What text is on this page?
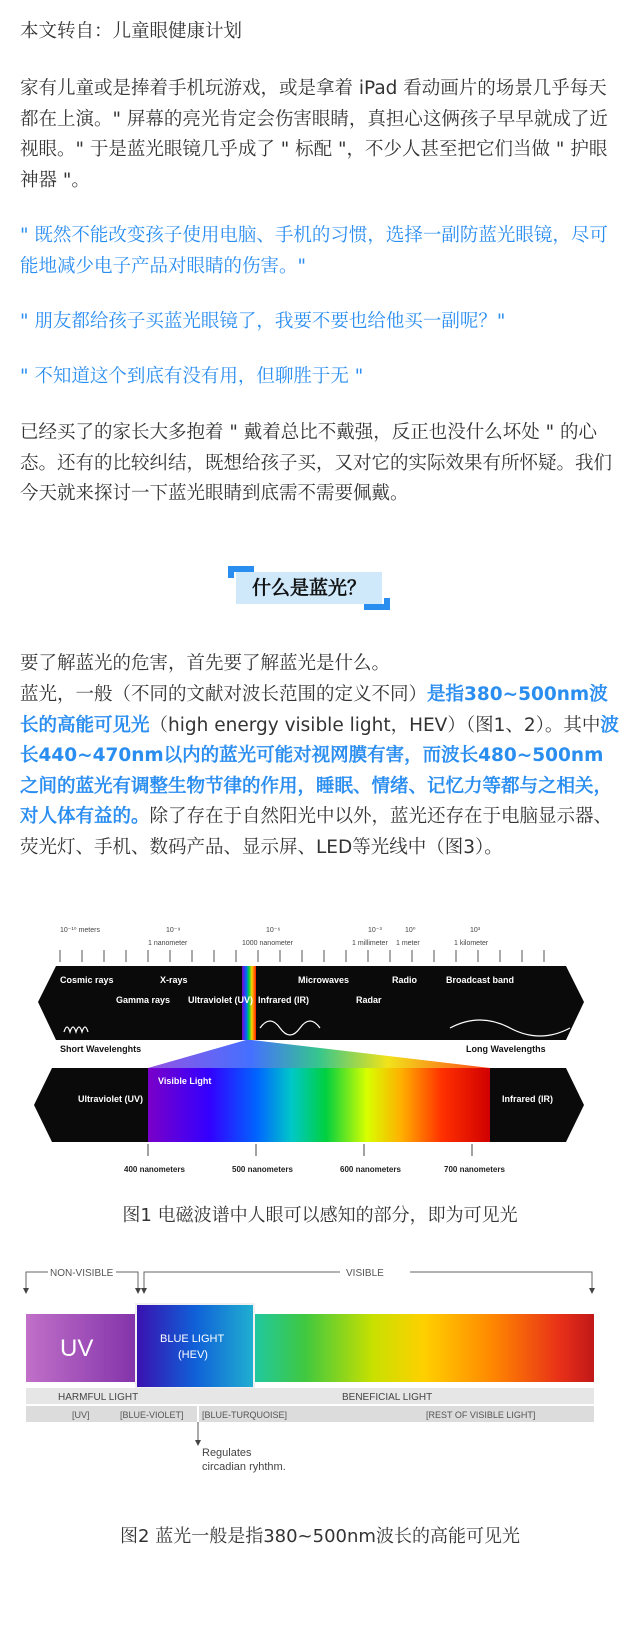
本文转自：儿童眼健康计划

家有儿童或是捧着手机玩游戏，或是拿着 iPad 看动画片的场景几乎每天都在上演。" 屏幕的亮光肯定会伤害眼睛，真担心这俩孩子早早就成了近视眼。" 于是蓝光眼镜几乎成了 " 标配 "，不少人甚至把它们当做 " 护眼神器 "。

" 既然不能改变孩子使用电脑、手机的习惯，选择一副防蓝光眼镜，尽可能地减少电子产品对眼睛的伤害。"

" 朋友都给孩子买蓝光眼镜了，我要不要也给他买一副呢？"

" 不知道这个到底有没有用，但聊胜于无 "

已经买了的家长大多抱着 " 戴着总比不戴强，反正也没什么坏处 " 的心态。还有的比较纠结，既想给孩子买，又对它的实际效果有所怀疑。我们今天就来探讨一下蓝光眼睛到底需不需要佩戴。

什么是蓝光？

要了解蓝光的危害，首先要了解蓝光是什么。

蓝光，一般（不同的文献对波长范围的定义不同）是指380~500nm波长的高能可见光（high energy visible light，HEV）（图1、2）。其中波长440~470nm以内的蓝光可能对视网膜有害，而波长480~500nm之间的蓝光有调整生物节律的作用，睡眠、情绪、记忆力等都与之相关，对人体有益的。除了存在于自然阳光中以外，蓝光还存在于电脑显示器、荧光灯、手机、数码产品、显示屏、LED等光线中（图3）。

10⁻¹⁰ meters	10⁻⁹	10⁻⁶	10⁻³	10⁰	10³
1 nanometer	1000 nanometer	1 millimeter 1 meter	1 kilometer
Cosmic rays	X-rays
Gamma rays Ultraviolet (UV) Infrared (IR)
Microwaves
Radar
Radio	Broadcast band
Short Wavelenghts	Long Wavelengths
Visible Light
Ultraviolet (UV)	Infrared (IR)
400 nanometers	500 nanometers	600 nanometers	700 nanometers
图1 电磁波谱中人眼可以感知的部分，即为可见光
NON-VISIBLE	VISIBLE
UV	BLUE LIGHT
(HEV)
HARMFUL LIGHT	BENEFICIAL LIGHT
[UV]	[BLUE-VIOLET] [BLUE-TURQUOISE]	[REST OF VISIBLE LIGHT]
Regulates circadian ryhthm.
图2 蓝光一般是指380~500nm波长的高能可见光
